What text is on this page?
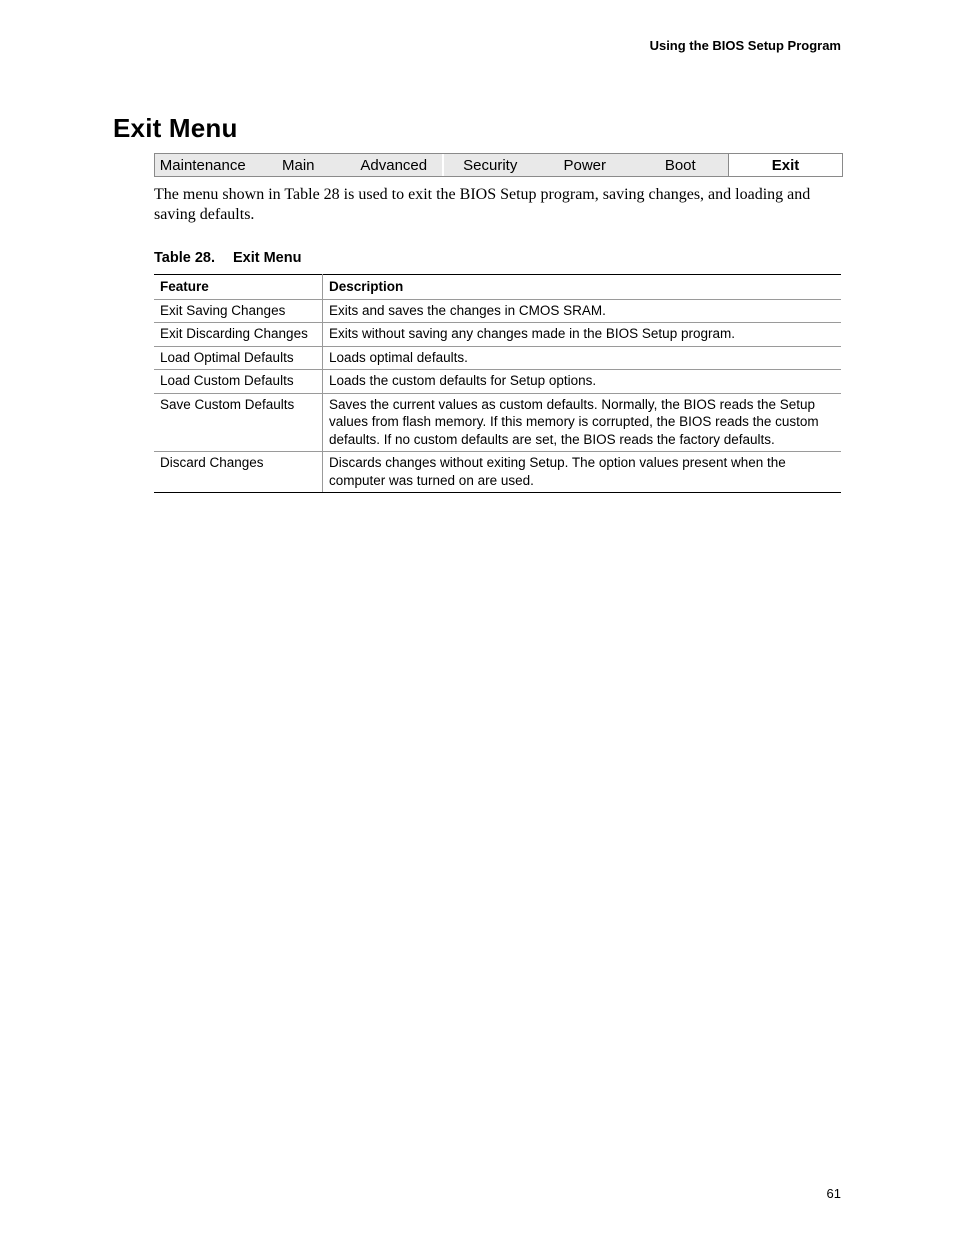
Using the BIOS Setup Program
Exit Menu
Maintenance	Main	Advanced	Security	Power	Boot	Exit

The menu shown in Table 28 is used to exit the BIOS Setup program, saving changes, and loading and saving defaults.

Table 28. Exit Menu
Feature	Description
Exit Saving Changes	Exits and saves the changes in CMOS SRAM.
Exit Discarding Changes	Exits without saving any changes made in the BIOS Setup program.
Load Optimal Defaults	Loads optimal defaults.
Load Custom Defaults	Loads the custom defaults for Setup options.
Save Custom Defaults	Saves the current values as custom defaults. Normally, the BIOS reads the Setup values from flash memory. If this memory is corrupted, the BIOS reads the custom defaults. If no custom defaults are set, the BIOS reads the factory defaults.
Discard Changes	Discards changes without exiting Setup. The option values present when the computer was turned on are used.
61
